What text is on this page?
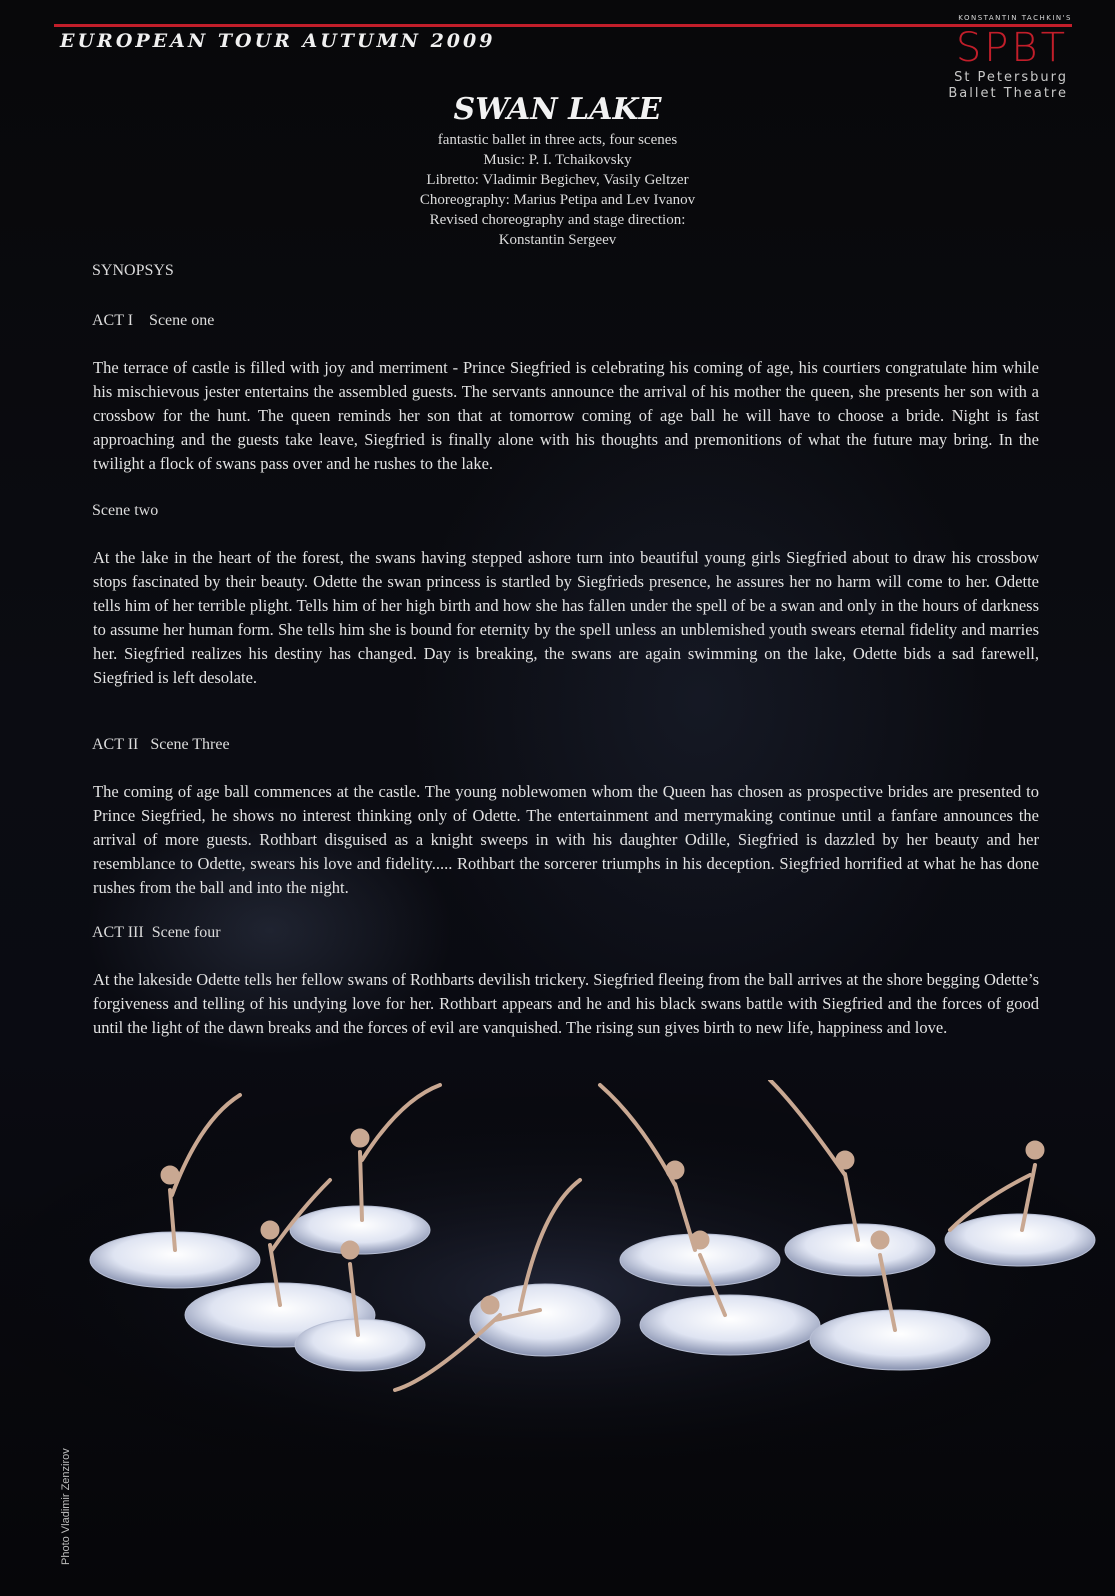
EUROPEAN TOUR AUTUMN 2009
KONSTANTIN TACHKIN'S
SPBT
St Petersburg
Ballet Theatre
SWAN LAKE
fantastic ballet in three acts, four scenes
Music: P. I. Tchaikovsky
Libretto: Vladimir Begichev, Vasily Geltzer
Choreography: Marius Petipa and Lev Ivanov
Revised choreography and stage direction:
Konstantin Sergeev
SYNOPSYS
ACT I    Scene one
The terrace of castle is filled with joy and merriment - Prince Siegfried is celebrating his coming of age, his courtiers congratulate him while his mischievous jester entertains the assembled guests. The servants announce the arrival of his mother the queen, she presents her son with a crossbow for the hunt. The queen reminds her son that at tomorrow coming of age ball he will have to choose a bride. Night is fast approaching and the guests take leave, Siegfried is finally alone with his thoughts and premonitions of what the future may bring. In the twilight a flock of swans pass over and he rushes to the lake.
Scene two
At the lake in the heart of the forest, the swans having stepped ashore turn into beautiful young girls Siegfried about to draw his crossbow stops fascinated by their beauty. Odette the swan princess is startled by Siegfrieds presence, he assures her no harm will come to her. Odette tells him of her terrible plight. Tells him of her high birth and how she has fallen under the spell of be a swan and only in the hours of darkness to assume her human form. She tells him she is bound for eternity by the spell unless an unblemished youth swears eternal fidelity and marries her. Siegfried realizes his destiny has changed. Day is breaking, the swans are again swimming on the lake, Odette bids a sad farewell, Siegfried is left desolate.
ACT II   Scene Three
The coming of age ball commences at the castle. The young noblewomen whom the Queen has chosen as prospective brides are presented to Prince Siegfried, he shows no interest thinking only of Odette. The entertainment and merrymaking continue until a fanfare announces the arrival of more guests. Rothbart disguised as a knight sweeps in with his daughter Odille, Siegfried is dazzled by her beauty and her resemblance to Odette, swears his love and fidelity..... Rothbart the sorcerer triumphs in his deception. Siegfried horrified at what he has done rushes from the ball and into the night.
ACT III  Scene four
At the lakeside Odette tells her fellow swans of Rothbarts devilish trickery. Siegfried fleeing from the ball arrives at the shore begging Odette’s forgiveness and telling of his undying love for her. Rothbart appears and he and his black swans battle with Siegfried and the forces of good until the light of the dawn breaks and the forces of evil are vanquished. The rising sun gives birth to new life, happiness and love.
Photo Vladimir Zenzirov
